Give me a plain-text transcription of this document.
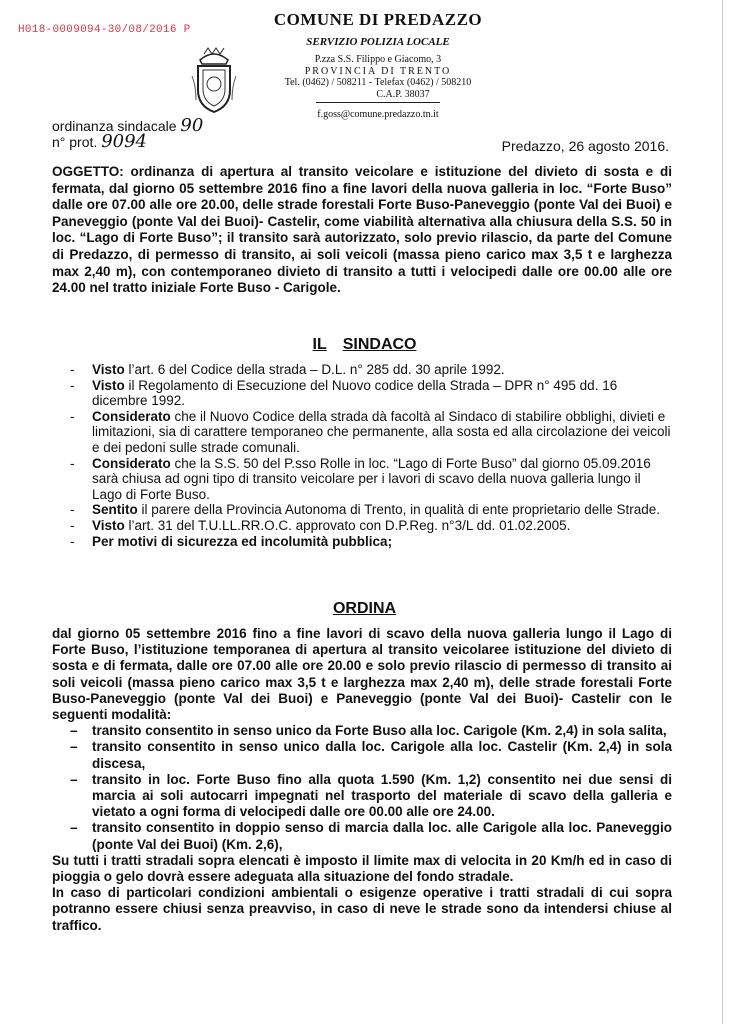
H018-0009094-30/08/2016 P
COMUNE DI PREDAZZO
SERVIZIO POLIZIA LOCALE
P.zza S.S. Filippo e Giacomo, 3
PROVINCIA DI TRENTO
Tel. (0462) / 508211 - Telefax (0462) / 508210
C.A.P. 38037
f.goss@comune.predazzo.tn.it
ordinanza sindacale 90
n° prot. 9094	Predazzo, 26 agosto 2016.
OGGETTO: ordinanza di apertura al transito veicolare e istituzione del divieto di sosta e di fermata, dal giorno 05 settembre 2016 fino a fine lavori della nuova galleria in loc. “Forte Buso” dalle ore 07.00 alle ore 20.00, delle strade forestali Forte Buso-Paneveggio (ponte Val dei Buoi) e Paneveggio (ponte Val dei Buoi)- Castelir, come viabilità alternativa alla chiusura della S.S. 50 in loc. “Lago di Forte Buso”; il transito sarà autorizzato, solo previo rilascio, da parte del Comune di Predazzo, di permesso di transito, ai soli veicoli (massa pieno carico max 3,5 t e larghezza max 2,40 m), con contemporaneo divieto di transito a tutti i velocipedi dalle ore 00.00 alle ore 24.00 nel tratto iniziale Forte Buso - Carigole.
IL SINDACO
- Visto l’art. 6 del Codice della strada – D.L. n° 285 dd. 30 aprile 1992.
- Visto il Regolamento di Esecuzione del Nuovo codice della Strada – DPR n° 495 dd. 16 dicembre 1992.
- Considerato che il Nuovo Codice della strada dà facoltà al Sindaco di stabilire obblighi, divieti e limitazioni, sia di carattere temporaneo che permanente, alla sosta ed alla circolazione dei veicoli e dei pedoni sulle strade comunali.
- Considerato che la S.S. 50 del P.sso Rolle in loc. “Lago di Forte Buso” dal giorno 05.09.2016 sarà chiusa ad ogni tipo di transito veicolare per i lavori di scavo della nuova galleria lungo il Lago di Forte Buso.
- Sentito il parere della Provincia Autonoma di Trento, in qualità di ente proprietario delle Strade.
- Visto l’art. 31 del T.U.LL.RR.O.C. approvato con D.P.Reg. n°3/L dd. 01.02.2005.
- Per motivi di sicurezza ed incolumità pubblica;
ORDINA

dal giorno 05 settembre 2016 fino a fine lavori di scavo della nuova galleria lungo il Lago di Forte Buso, l’istituzione temporanea di apertura al transito veicolaree istituzione del divieto di sosta e di fermata, dalle ore 07.00 alle ore 20.00 e solo previo rilascio di permesso di transito ai soli veicoli (massa pieno carico max 3,5 t e larghezza max 2,40 m), delle strade forestali Forte Buso-Paneveggio (ponte Val dei Buoi) e Paneveggio (ponte Val dei Buoi)- Castelir con le seguenti modalità:

– transito consentito in senso unico da Forte Buso alla loc. Carigole (Km. 2,4) in sola salita,
– transito consentito in senso unico dalla loc. Carigole alla loc. Castelir (Km. 2,4) in sola discesa,
– transito in loc. Forte Buso fino alla quota 1.590 (Km. 1,2) consentito nei due sensi di marcia ai soli autocarri impegnati nel trasporto del materiale di scavo della galleria e vietato a ogni forma di velocipedi dalle ore 00.00 alle ore 24.00.
– transito consentito in doppio senso di marcia dalla loc. alle Carigole alla loc. Paneveggio (ponte Val dei Buoi) (Km. 2,6),

Su tutti i tratti stradali sopra elencati è imposto il limite max di velocita in 20 Km/h ed in caso di pioggia o gelo dovrà essere adeguata alla situazione del fondo stradale.

In caso di particolari condizioni ambientali o esigenze operative i tratti stradali di cui sopra potranno essere chiusi senza preavviso, in caso di neve le strade sono da intendersi chiuse al traffico.
